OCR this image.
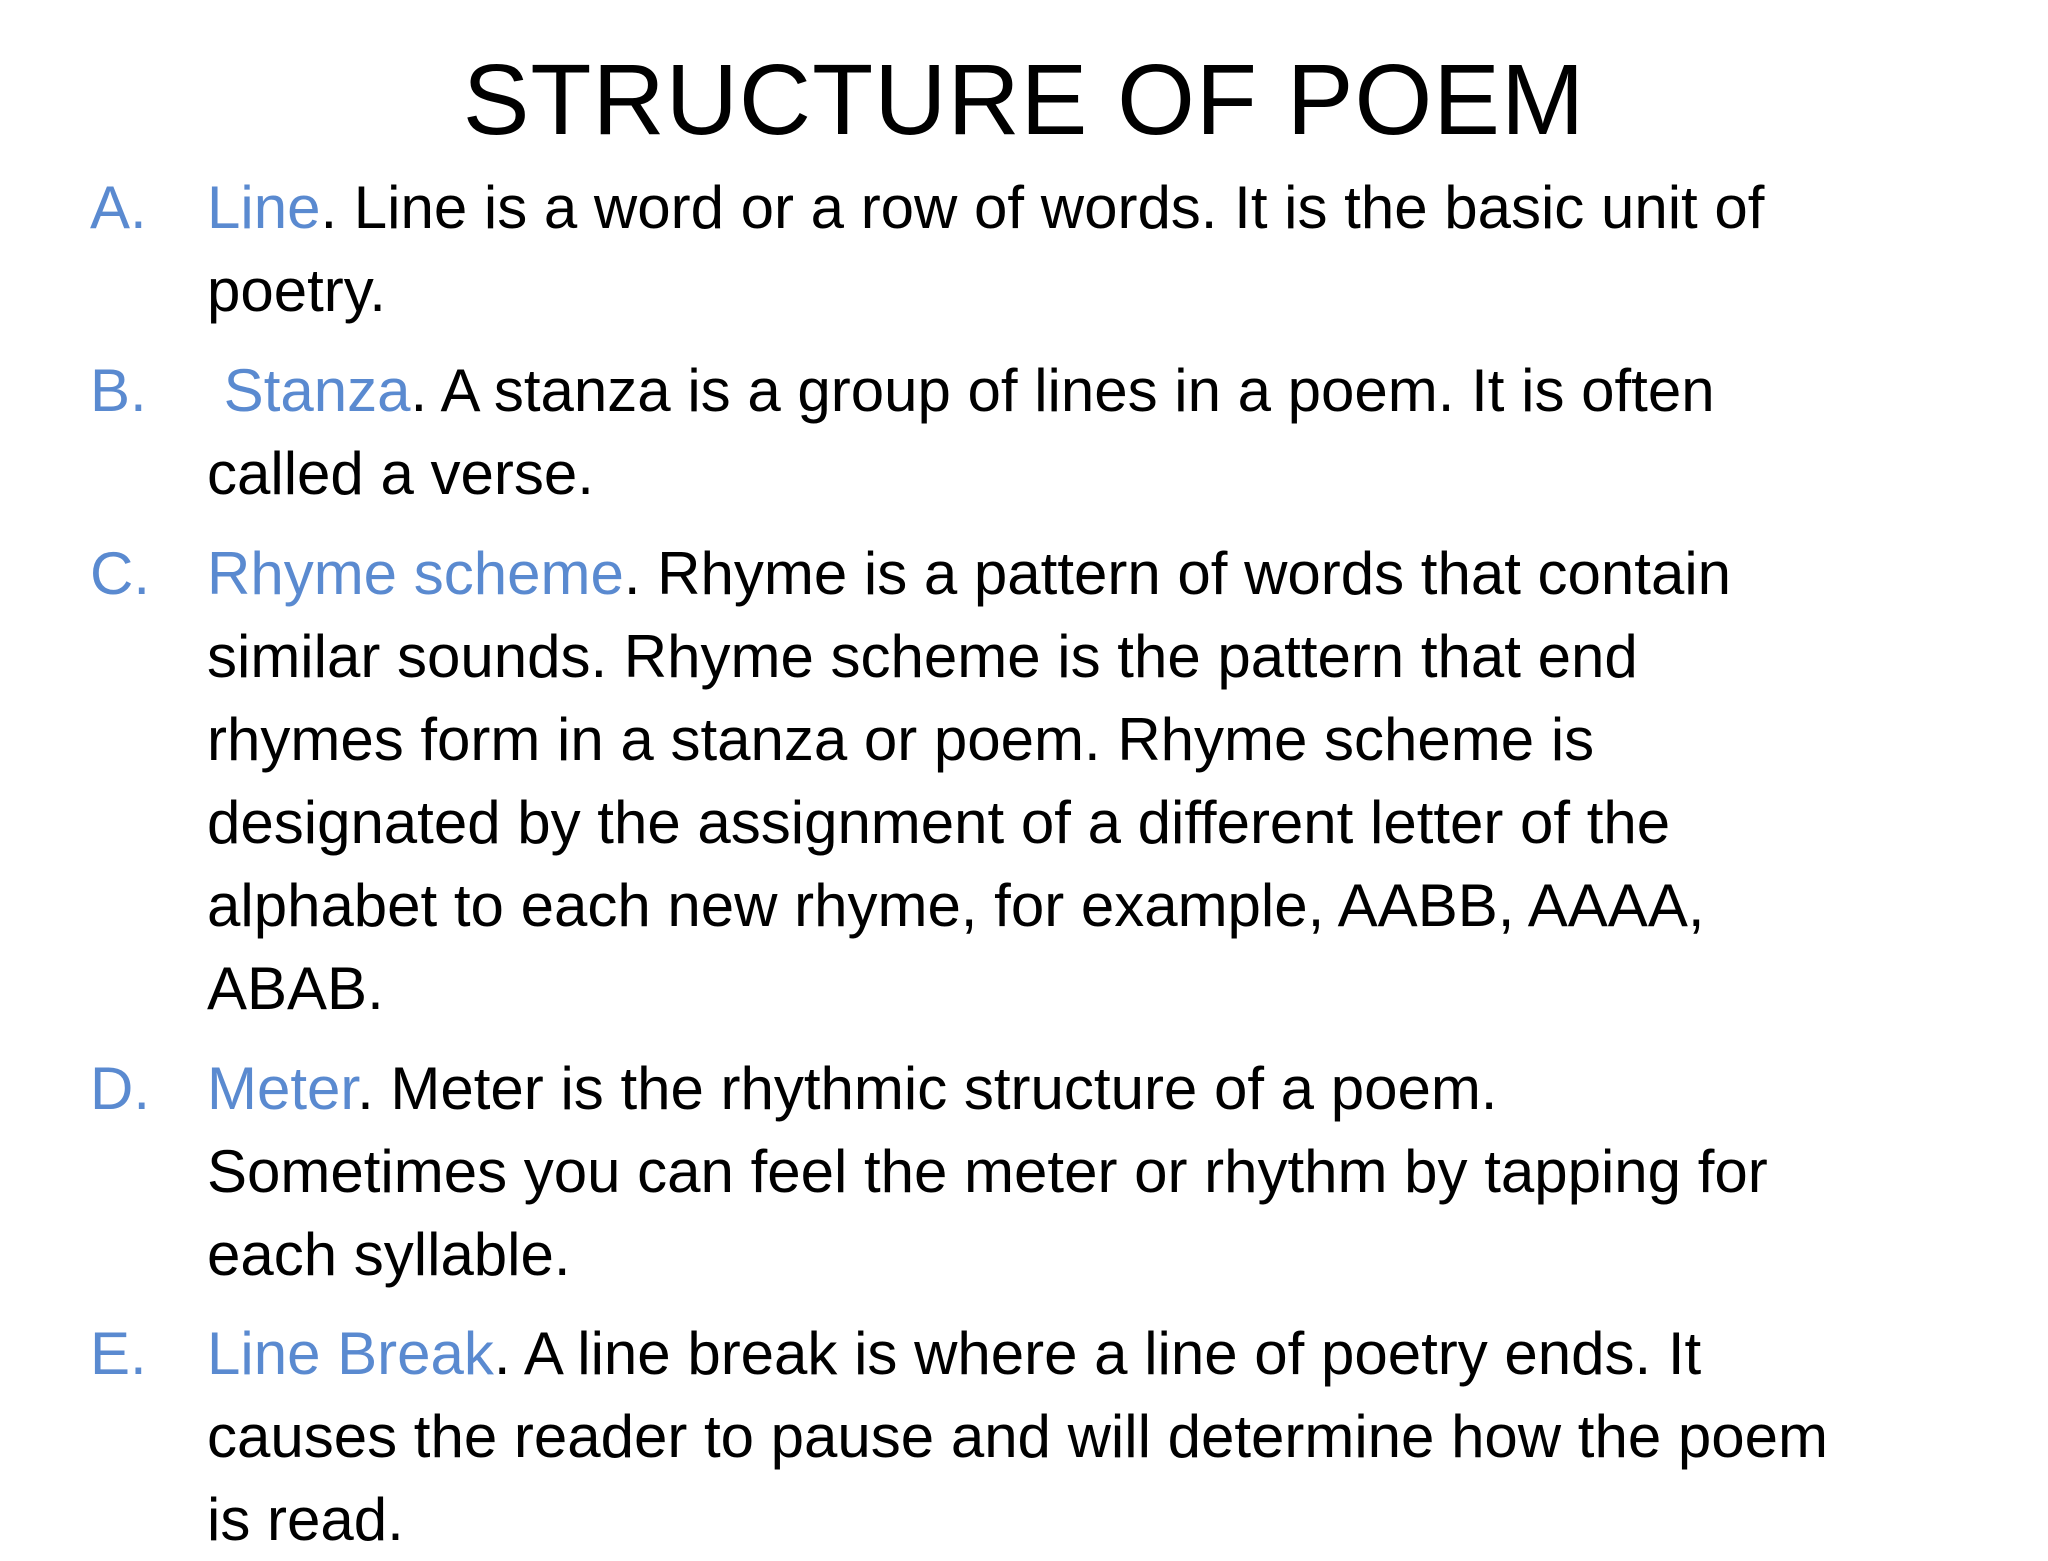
STRUCTURE OF POEM
A.	Line. Line is a word or a row of words. It is the basic unit of
poetry.
B.	Stanza. A stanza is a group of lines in a poem. It is often
called a verse.
C. Rhyme scheme. Rhyme is a pattern of words that contain
similar sounds. Rhyme scheme is the pattern that end
rhymes form in a stanza or poem. Rhyme scheme is
designated by the assignment of a different letter of the
alphabet to each new rhyme, for example, AABB, AAAA,
ABAB.
D. Meter. Meter is the rhythmic structure of a poem.
Sometimes you can feel the meter or rhythm by tapping for
each syllable.
E.	Line Break. A line break is where a line of poetry ends. It
causes the reader to pause and will determine how the poem
is read.
